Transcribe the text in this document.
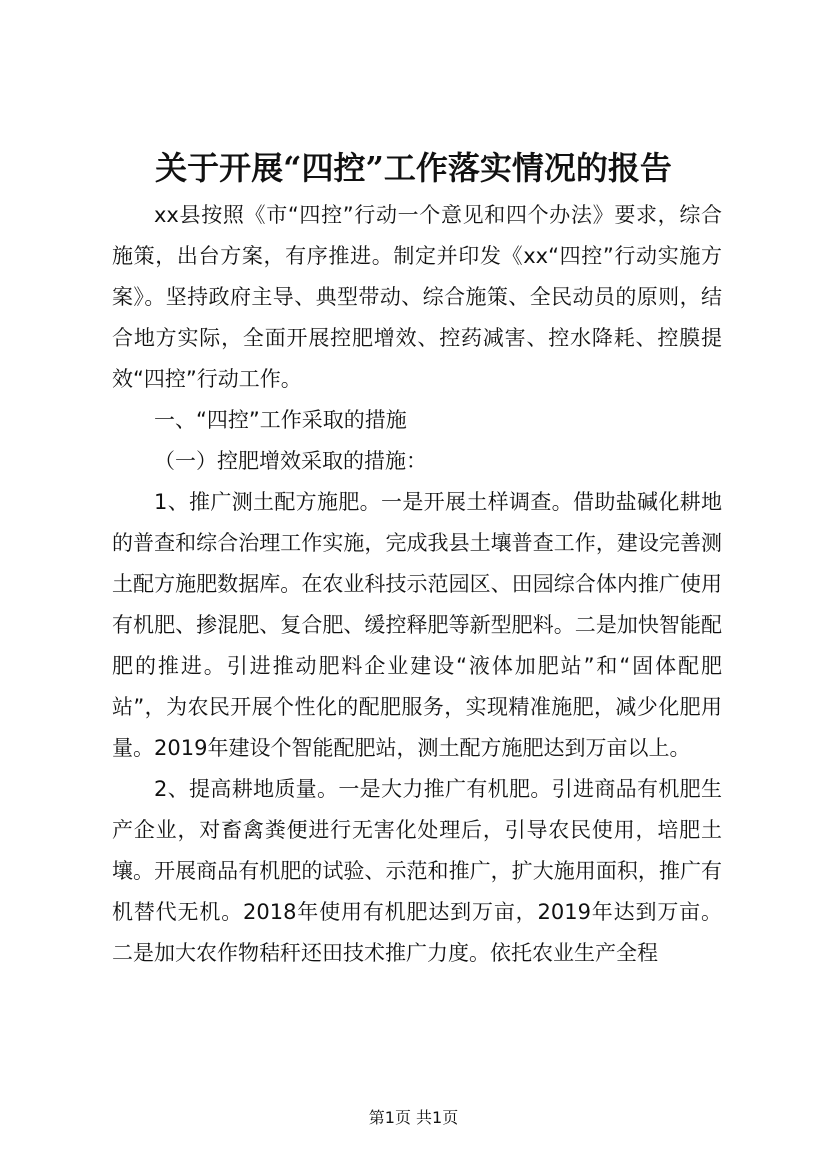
关于开展“四控”工作落实情况的报告

xx县按照《市“四控”行动一个意见和四个办法》要求，综合施策，出台方案，有序推进。制定并印发《xx“四控”行动实施方案》。坚持政府主导、典型带动、综合施策、全民动员的原则，结合地方实际，全面开展控肥增效、控药减害、控水降耗、控膜提效“四控”行动工作。

一、“四控”工作采取的措施

（一）控肥增效采取的措施：

1、推广测土配方施肥。一是开展土样调查。借助盐碱化耕地的普查和综合治理工作实施，完成我县土壤普查工作，建设完善测土配方施肥数据库。在农业科技示范园区、田园综合体内推广使用有机肥、掺混肥、复合肥、缓控释肥等新型肥料。二是加快智能配肥的推进。引进推动肥料企业建设“液体加肥站”和“固体配肥站”，为农民开展个性化的配肥服务，实现精准施肥，减少化肥用量。2019年建设个智能配肥站，测土配方施肥达到万亩以上。

2、提高耕地质量。一是大力推广有机肥。引进商品有机肥生产企业，对畜禽粪便进行无害化处理后，引导农民使用，培肥土壤。开展商品有机肥的试验、示范和推广，扩大施用面积，推广有机替代无机。2018年使用有机肥达到万亩，2019年达到万亩。二是加大农作物秸秆还田技术推广力度。依托农业生产全程

第1页 共1页
